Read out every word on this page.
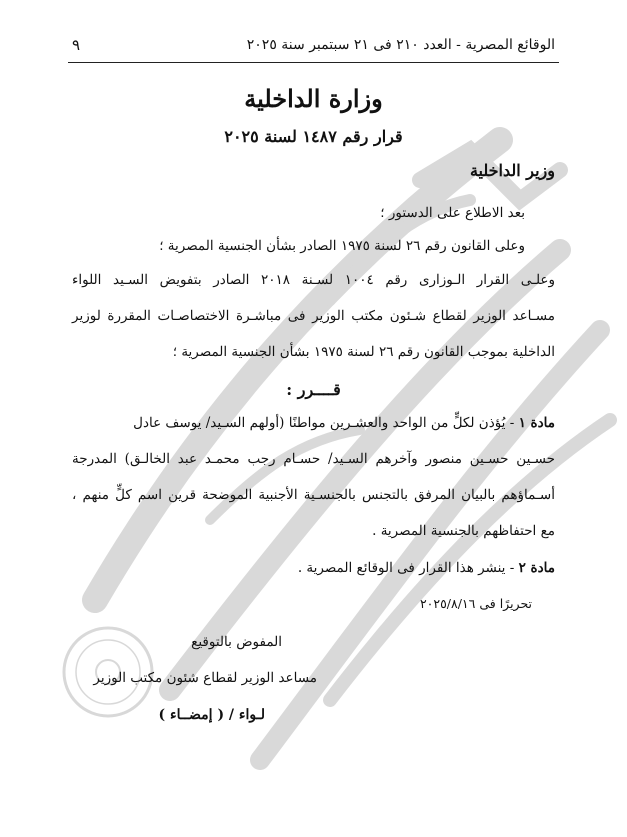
الوقائع المصرية - العدد ٢١٠ فى ٢١ سبتمبر سنة ٢٠٢٥
٩
وزارة الداخلية
قرار رقم ١٤٨٧ لسنة ٢٠٢٥
وزير الداخلية
بعد الاطلاع على الدستور ؛
وعلى القانون رقم ٢٦ لسنة ١٩٧٥ الصادر بشأن الجنسية المصرية ؛
وعلـى القرار الـوزارى رقم ١٠٠٤ لسـنة ٢٠١٨ الصادر بتفويض السـيد اللواء
مسـاعد الوزير لقطاع شـئون مكتب الوزير فى مباشـرة الاختصاصـات المقررة لوزير
الداخلية بموجب القانون رقم ٢٦ لسنة ١٩٧٥ بشأن الجنسية المصرية ؛
قــــرر :
مادة ١ - يُؤذن لكلٍّ من الواحد والعشـرين مواطنًا (أولهم السـيد/ يوسف عادل
حسـين حسـين منصور وآخرهم السـيد/ حسـام رجب محمـد عبد الخالـق) المدرجة
أسـماؤهم بالبيان المرفق بالتجنس بالجنسـية الأجنبية الموضحة قرين اسم كلٍّ منهم ،
مع احتفاظهم بالجنسية المصرية .
مادة ٢ - ينشر هذا القرار فى الوقائع المصرية .
تحريرًا فى ٢٠٢٥/٨/١٦
المفوض بالتوقيع
مساعد الوزير لقطاع شئون مكتب الوزير
لـواء / ( إمضــاء )
